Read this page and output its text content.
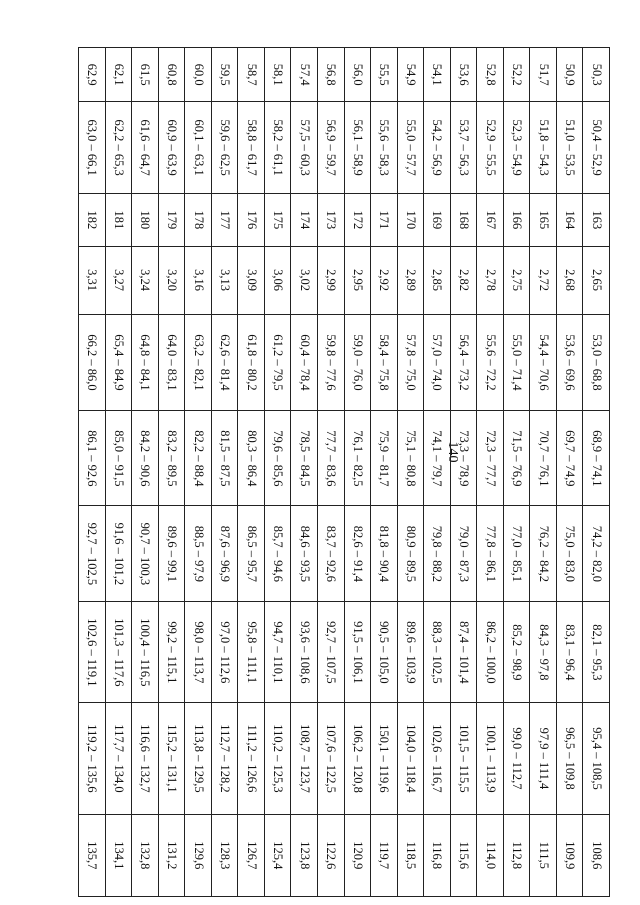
140
50,3	50,4 – 52,9	163	2,65	53,0 – 68,8	68,9 – 74,1	74,2 – 82,0	82,1 – 95,3	95,4 – 108,5	108,6
50,9	51,0 – 53,5	164	2,68	53,6 – 69,6	69,7 – 74,9	75,0 – 83,0	83,1 – 96,4	96,5 – 109,8	109,9
51,7	51,8 – 54,3	165	2,72	54,4 – 70,6	70,7 – 76,1	76,2 – 84,2	84,3 – 97,8	97,9 – 111,4	111,5
52,2	52,3 – 54,9	166	2,75	55,0 – 71,4	71,5 – 76,9	77,0 – 85,1	85,2 – 98,9	99,0 – 112,7	112,8
52,8	52,9 – 55,5	167	2,78	55,6 – 72,2	72,3 – 77,7	77,8 – 86,1	86,2 – 100,0	100,1 – 113,9	114,0
53,6	53,7 – 56,3	168	2,82	56,4 – 73,2	73,3 – 78,9	79,0 – 87,3	87,4 – 101,4	101,5 – 115,5	115,6
54,1	54,2 – 56,9	169	2,85	57,0 – 74,0	74,1 – 79,7	79,8 – 88,2	88,3 – 102,5	102,6 – 116,7	116,8
54,9	55,0 – 57,7	170	2,89	57,8 – 75,0	75,1 – 80,8	80,9 – 89,5	89,6 – 103,9	104,0 – 118,4	118,5
55,5	55,6 – 58,3	171	2,92	58,4 – 75,8	75,9 – 81,7	81,8 – 90,4	90,5 – 105,0	150,1 – 119,6	119,7
56,0	56,1 – 58,9	172	2,95	59,0 – 76,0	76,1 – 82,5	82,6 – 91,4	91,5 – 106,1	106,2 – 120,8	120,9
56,8	56,9 – 59,7	173	2,99	59,8 – 77,6	77,7 – 83,6	83,7 – 92,6	92,7 – 107,5	107,6 – 122,5	122,6
57,4	57,5 – 60,3	174	3,02	60,4 – 78,4	78,5 – 84,5	84,6 – 93,5	93,6 – 108,6	108,7 – 123,7	123,8
58,1	58,2 – 61,1	175	3,06	61,2 – 79,5	79,6 – 85,6	85,7 – 94,6	94,7 – 110,1	110,2 – 125,3	125,4
58,7	58,8 – 61,7	176	3,09	61,8 – 80,2	80,3 – 86,4	86,5 – 95,7	95,8 – 111,1	111,2 – 126,6	126,7
59,5	59,6 – 62,5	177	3,13	62,6 – 81,4	81,5 – 87,5	87,6 – 96,9	97,0 – 112,6	112,7 – 128,2	128,3
60,0	60,1 – 63,1	178	3,16	63,2 – 82,1	82,2 – 88,4	88,5 – 97,9	98,0 – 113,7	113,8 – 129,5	129,6
60,8	60,9 – 63,9	179	3,20	64,0 – 83,1	83,2 – 89,5	89,6 – 99,1	99,2 – 115,1	115,2 – 131,1	131,2
61,5	61,6 – 64,7	180	3,24	64,8 – 84,1	84,2 – 90,6	90,7 – 100,3	100,4 – 116,5	116,6 – 132,7	132,8
62,1	62,2 – 65,3	181	3,27	65,4 – 84,9	85,0 – 91,5	91,6 – 101,2	101,3 – 117,6	117,7 – 134,0	134,1
62,9	63,0 – 66,1	182	3,31	66,2 – 86,0	86,1 – 92,6	92,7 – 102,5	102,6 – 119,1	119,2 – 135,6	135,7
